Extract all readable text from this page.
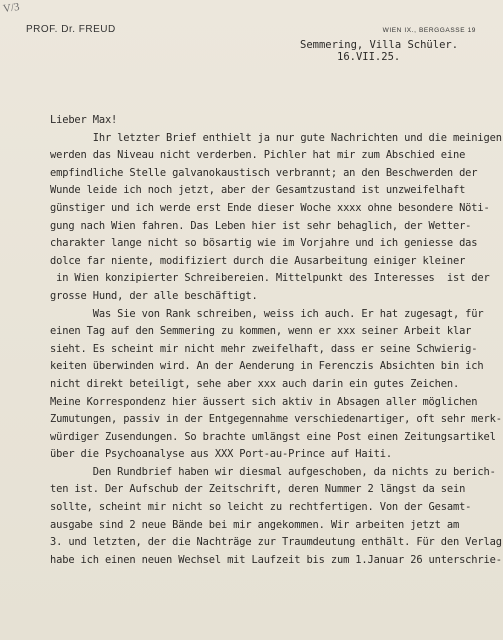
V/3
PROF. Dr. FREUD	WIEN IX., BERGGASSE 19
Semmering, Villa Schüler.
16.VII.25.
Lieber Max!
Ihr letzter Brief enthielt ja nur gute Nachrichten und die meinigen
werden das Niveau nicht verderben. Pichler hat mir zum Abschied eine
empfindliche Stelle galvanokaustisch verbrannt; an den Beschwerden der
Wunde leide ich noch jetzt, aber der Gesamtzustand ist unzweifelhaft
günstiger und ich werde erst Ende dieser Woche xxxx ohne besondere Nöti-
gung nach Wien fahren. Das Leben hier ist sehr behaglich, der Wetter-
charakter lange nicht so bösartig wie im Vorjahre und ich geniesse das
dolce far niente, modifiziert durch die Ausarbeitung einiger kleiner
in Wien konzipierter Schreibereien. Mittelpunkt des Interesses  ist der
grosse Hund, der alle beschäftigt.
Was Sie von Rank schreiben, weiss ich auch. Er hat zugesagt, für
einen Tag auf den Semmering zu kommen, wenn er xxx seiner Arbeit klar
sieht. Es scheint mir nicht mehr zweifelhaft, dass er seine Schwierig-
keiten überwinden wird. An der Aenderung in Ferenczis Absichten bin ich
nicht direkt beteiligt, sehe aber xxx auch darin ein gutes Zeichen.
Meine Korrespondenz hier äussert sich aktiv in Absagen aller möglichen
Zumutungen, passiv in der Entgegennahme verschiedenartiger, oft sehr merk-
würdiger Zusendungen. So brachte umlängst eine Post einen Zeitungsartikel
über die Psychoanalyse aus XXX Port-au-Prince auf Haiti.
Den Rundbrief haben wir diesmal aufgeschoben, da nichts zu berich-
ten ist. Der Aufschub der Zeitschrift, deren Nummer 2 längst da sein
sollte, scheint mir nicht so leicht zu rechtfertigen. Von der Gesamt-
ausgabe sind 2 neue Bände bei mir angekommen. Wir arbeiten jetzt am
3. und letzten, der die Nachträge zur Traumdeutung enthält. Für den Verlag
habe ich einen neuen Wechsel mit Laufzeit bis zum 1.Januar 26 unterschrie-
